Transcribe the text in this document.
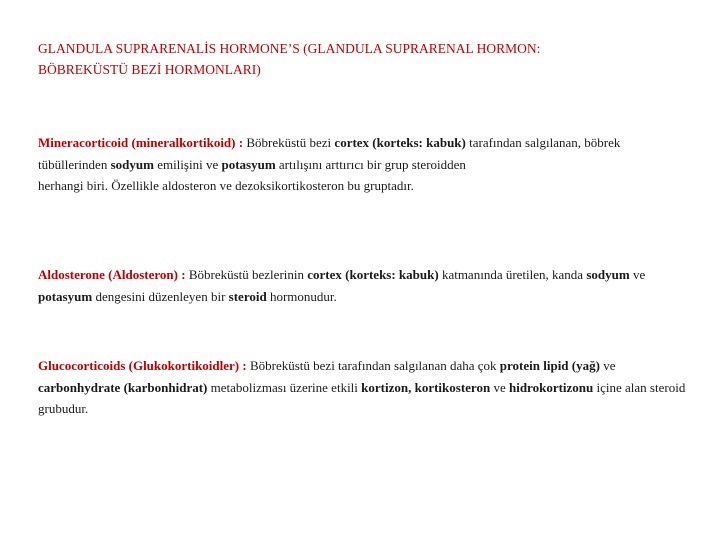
GLANDULA SUPRARENALİS HORMONE’S (GLANDULA SUPRARENAL HORMON:
BÖBREKÜSTÜ BEZİ HORMONLARI)

Mineracorticoid (mineralkortikoid) : Böbreküstü bezi cortex (korteks: kabuk) tarafından salgılanan, böbrek tübüllerinden sodyum emilişini ve potasyum artılışını arttırıcı bir grup steroidden
herhangi biri. Özellikle aldosteron ve dezoksikortikosteron bu gruptadır.

Aldosterone (Aldosteron) : Böbreküstü bezlerinin cortex (korteks: kabuk) katmanında üretilen, kanda sodyum ve potasyum dengesini düzenleyen bir steroid hormonudur.

Glucocorticoids (Glukokortikoidler) : Böbreküstü bezi tarafından salgılanan daha çok protein lipid (yağ) ve carbonhydrate (karbonhidrat) metabolizması üzerine etkili kortizon, kortikosteron ve hidrokortizonu içine alan steroid grubudur.
